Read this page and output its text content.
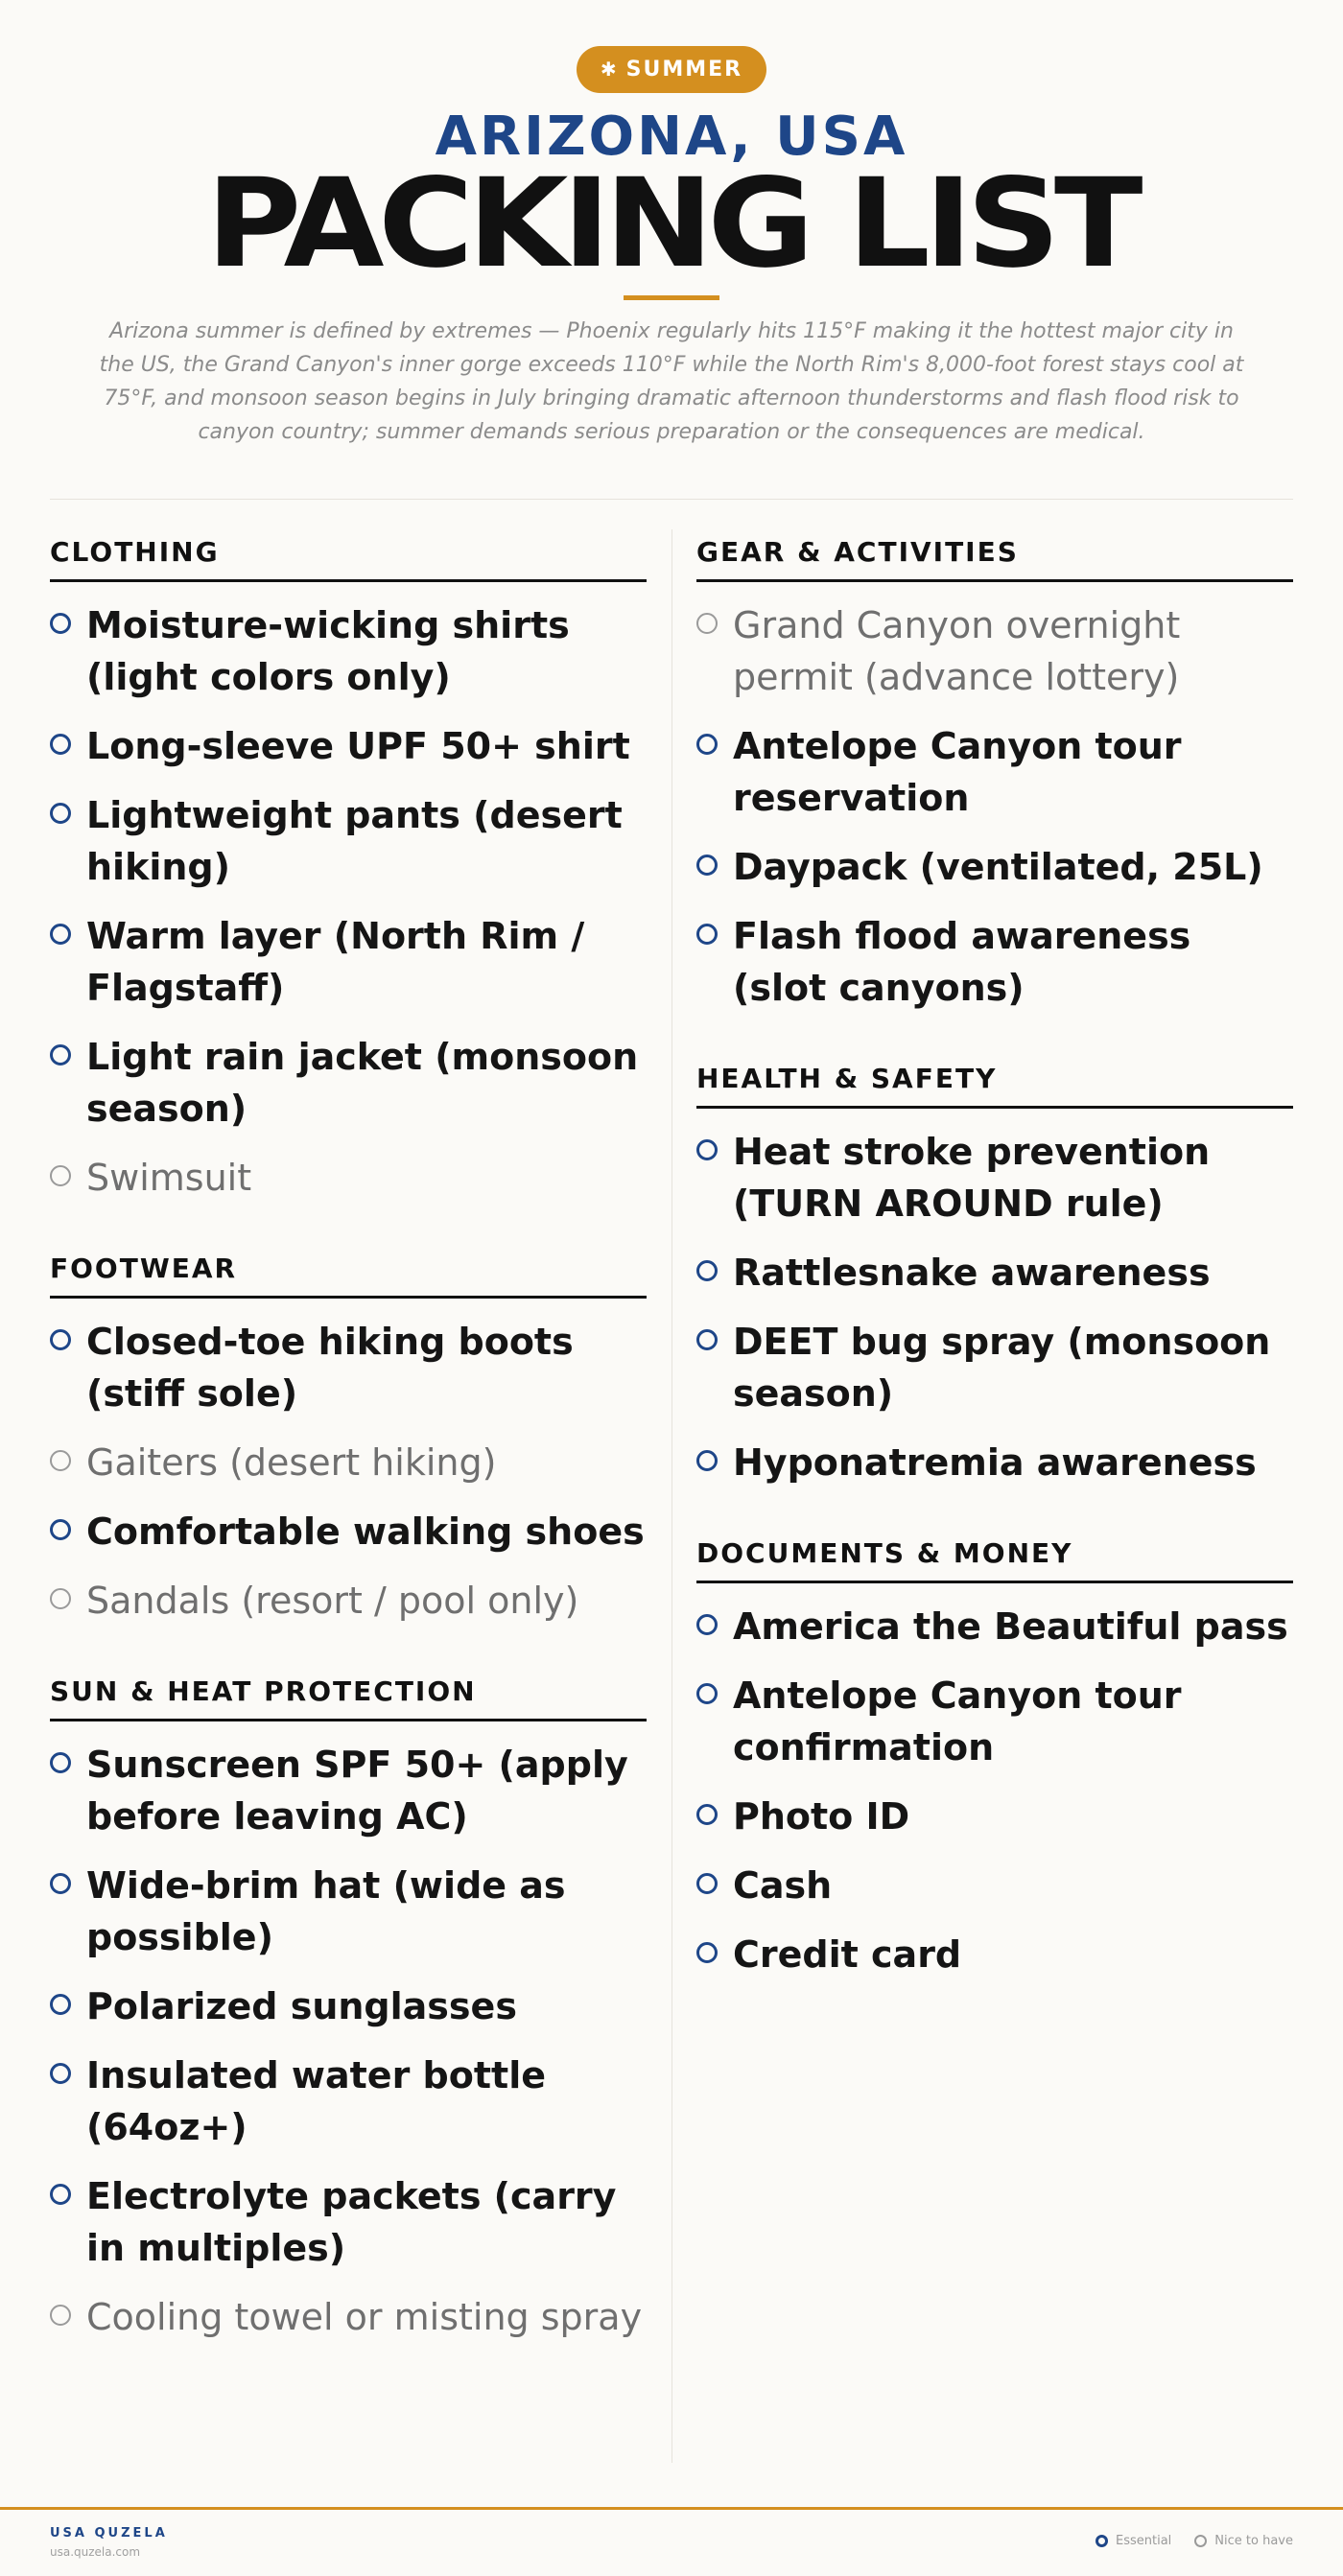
✱ SUMMER
ARIZONA, USA
PACKING LIST

Arizona summer is defined by extremes — Phoenix regularly hits 115°F making it the hottest major city in the US, the Grand Canyon's inner gorge exceeds 110°F while the North Rim's 8,000-foot forest stays cool at 75°F, and monsoon season begins in July bringing dramatic afternoon thunderstorms and flash flood risk to canyon country; summer demands serious preparation or the consequences are medical.

CLOTHING
Moisture-wicking shirts (light colors only)
Long-sleeve UPF 50+ shirt
Lightweight pants (desert hiking)
Warm layer (North Rim / Flagstaff)
Light rain jacket (monsoon season)
Swimsuit
FOOTWEAR
Closed-toe hiking boots (stiff sole)
Gaiters (desert hiking)
Comfortable walking shoes
Sandals (resort / pool only)
SUN & HEAT PROTECTION
Sunscreen SPF 50+ (apply before leaving AC)
Wide-brim hat (wide as possible)
Polarized sunglasses
Insulated water bottle (64oz+)
Electrolyte packets (carry in multiples)
Cooling towel or misting spray
GEAR & ACTIVITIES
Grand Canyon overnight permit (advance lottery)
Antelope Canyon tour reservation
Daypack (ventilated, 25L)
Flash flood awareness (slot canyons)
HEALTH & SAFETY
Heat stroke prevention (TURN AROUND rule)
Rattlesnake awareness
DEET bug spray (monsoon season)
Hyponatremia awareness
DOCUMENTS & MONEY
America the Beautiful pass
Antelope Canyon tour confirmation
Photo ID
Cash
Credit card
USA QUZELA
usa.quzela.com
Essential	Nice to have
